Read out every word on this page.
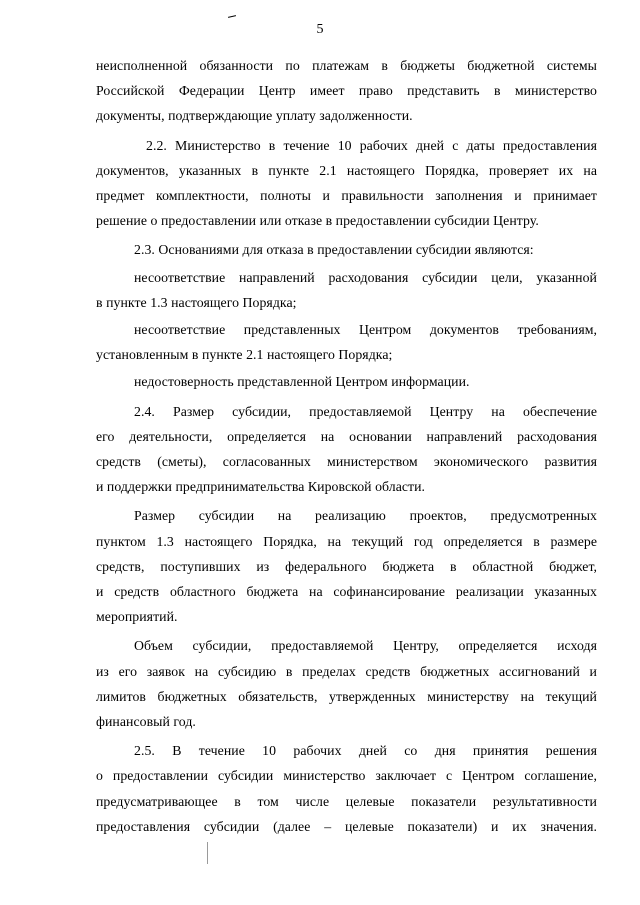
5

неисполненной обязанности по платежам в бюджеты бюджетной системы
Российской Федерации Центр имеет право представить в министерство
документы, подтверждающие уплату задолженности.

2.2. Министерство в течение 10 рабочих дней с даты предоставления
документов, указанных в пункте 2.1 настоящего Порядка, проверяет их на
предмет комплектности, полноты и правильности заполнения и принимает
решение о предоставлении или отказе в предоставлении субсидии Центру.

2.3. Основаниями для отказа в предоставлении субсидии являются:

несоответствие направлений расходования субсидии цели, указанной
в пункте 1.3 настоящего Порядка;

несоответствие представленных Центром документов требованиям,
установленным в пункте 2.1 настоящего Порядка;

недостоверность представленной Центром информации.

2.4. Размер субсидии, предоставляемой Центру на обеспечение
его деятельности, определяется на основании направлений расходования
средств (сметы), согласованных министерством экономического развития
и поддержки предпринимательства Кировской области.

Размер субсидии на реализацию проектов, предусмотренных
пунктом 1.3 настоящего Порядка, на текущий год определяется в размере
средств, поступивших из федерального бюджета в областной бюджет,
и средств областного бюджета на софинансирование реализации указанных
мероприятий.

Объем субсидии, предоставляемой Центру, определяется исходя
из его заявок на субсидию в пределах средств бюджетных ассигнований и
лимитов бюджетных обязательств, утвержденных министерству на текущий
финансовый год.

2.5. В течение 10 рабочих дней со дня принятия решения
о предоставлении субсидии министерство заключает с Центром соглашение,
предусматривающее в том числе целевые показатели результативности
предоставления субсидии (далее – целевые показатели) и их значения.
